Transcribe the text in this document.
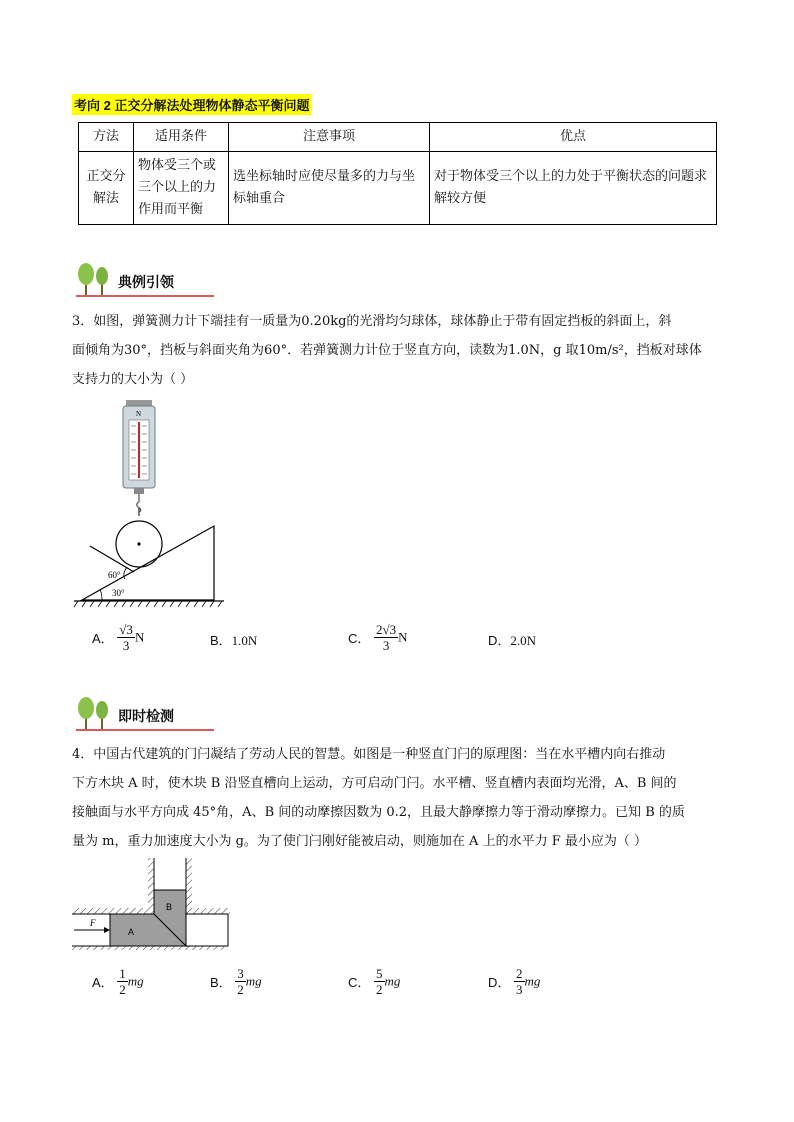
考向 2 正交分解法处理物体静态平衡问题
方法	适用条件	注意事项	优点
正交分解法	物体受三个或三个以上的力作用而平衡	选坐标轴时应使尽量多的力与坐标轴重合	对于物体受三个以上的力处于平衡状态的问题求解较方便
典例引领
3．如图，弹簧测力计下端挂有一质量为0.20kg的光滑均匀球体，球体静止于带有固定挡板的斜面上，斜
面倾角为30°，挡板与斜面夹角为60°．若弹簧测力计位于竖直方向，读数为1.0N，g 取10m/s²，挡板对球体
支持力的大小为（ ）
N
60°
30°
A． $\frac{√3}{3}$ N	B．1.0N	C． $\frac{2√3}{3}$ N	D．2.0N
即时检测
4．中国古代建筑的门闩凝结了劳动人民的智慧。如图是一种竖直门闩的原理图：当在水平槽内向右推动
下方木块 A 时，使木块 B 沿竖直槽向上运动，方可启动门闩。水平槽、竖直槽内表面均光滑，A、B 间的
接触面与水平方向成 45°角，A、B 间的动摩擦因数为 0.2，且最大静摩擦力等于滑动摩擦力。已知 B 的质
量为 m，重力加速度大小为 g。为了使门闩刚好能被启动，则施加在 A 上的水平力 F 最小应为（ ）
B
A
F
A． $\frac{1}{2}$ mg	B． $\frac{3}{2}$ mg	C． $\frac{5}{2}$ mg	D． $\frac{2}{3}$ mg
